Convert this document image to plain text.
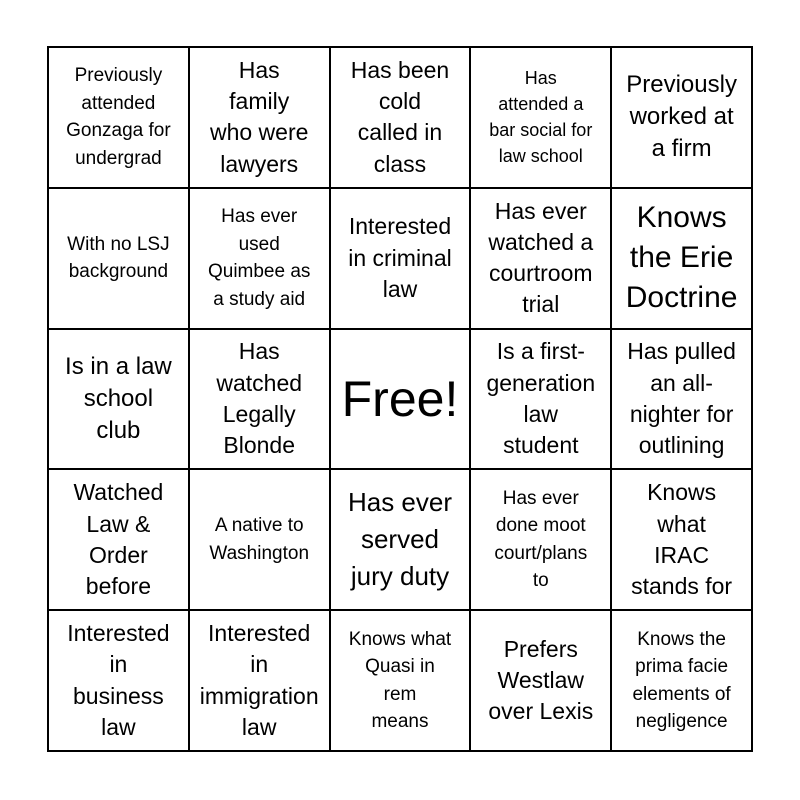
Previously
attended
Gonzaga for
undergrad
Has
family
who were
lawyers
Has been
cold
called in
class
Has
attended a
bar social for
law school
Previously
worked at
a firm
With no LSJ
background
Has ever
used
Quimbee as
a study aid
Interested
in criminal
law
Has ever
watched a
courtroom
trial
Knows
the Erie
Doctrine
Is in a law
school
club
Has
watched
Legally
Blonde
Free!
Is a first-
generation
law
student
Has pulled
an all-
nighter for
outlining
Watched
Law &
Order
before
A native to
Washington
Has ever
served
jury duty
Has ever
done moot
court/plans
to
Knows
what
IRAC
stands for
Interested
in
business
law
Interested
in
immigration
law
Knows what
Quasi in
rem
means
Prefers
Westlaw
over Lexis
Knows the
prima facie
elements of
negligence
